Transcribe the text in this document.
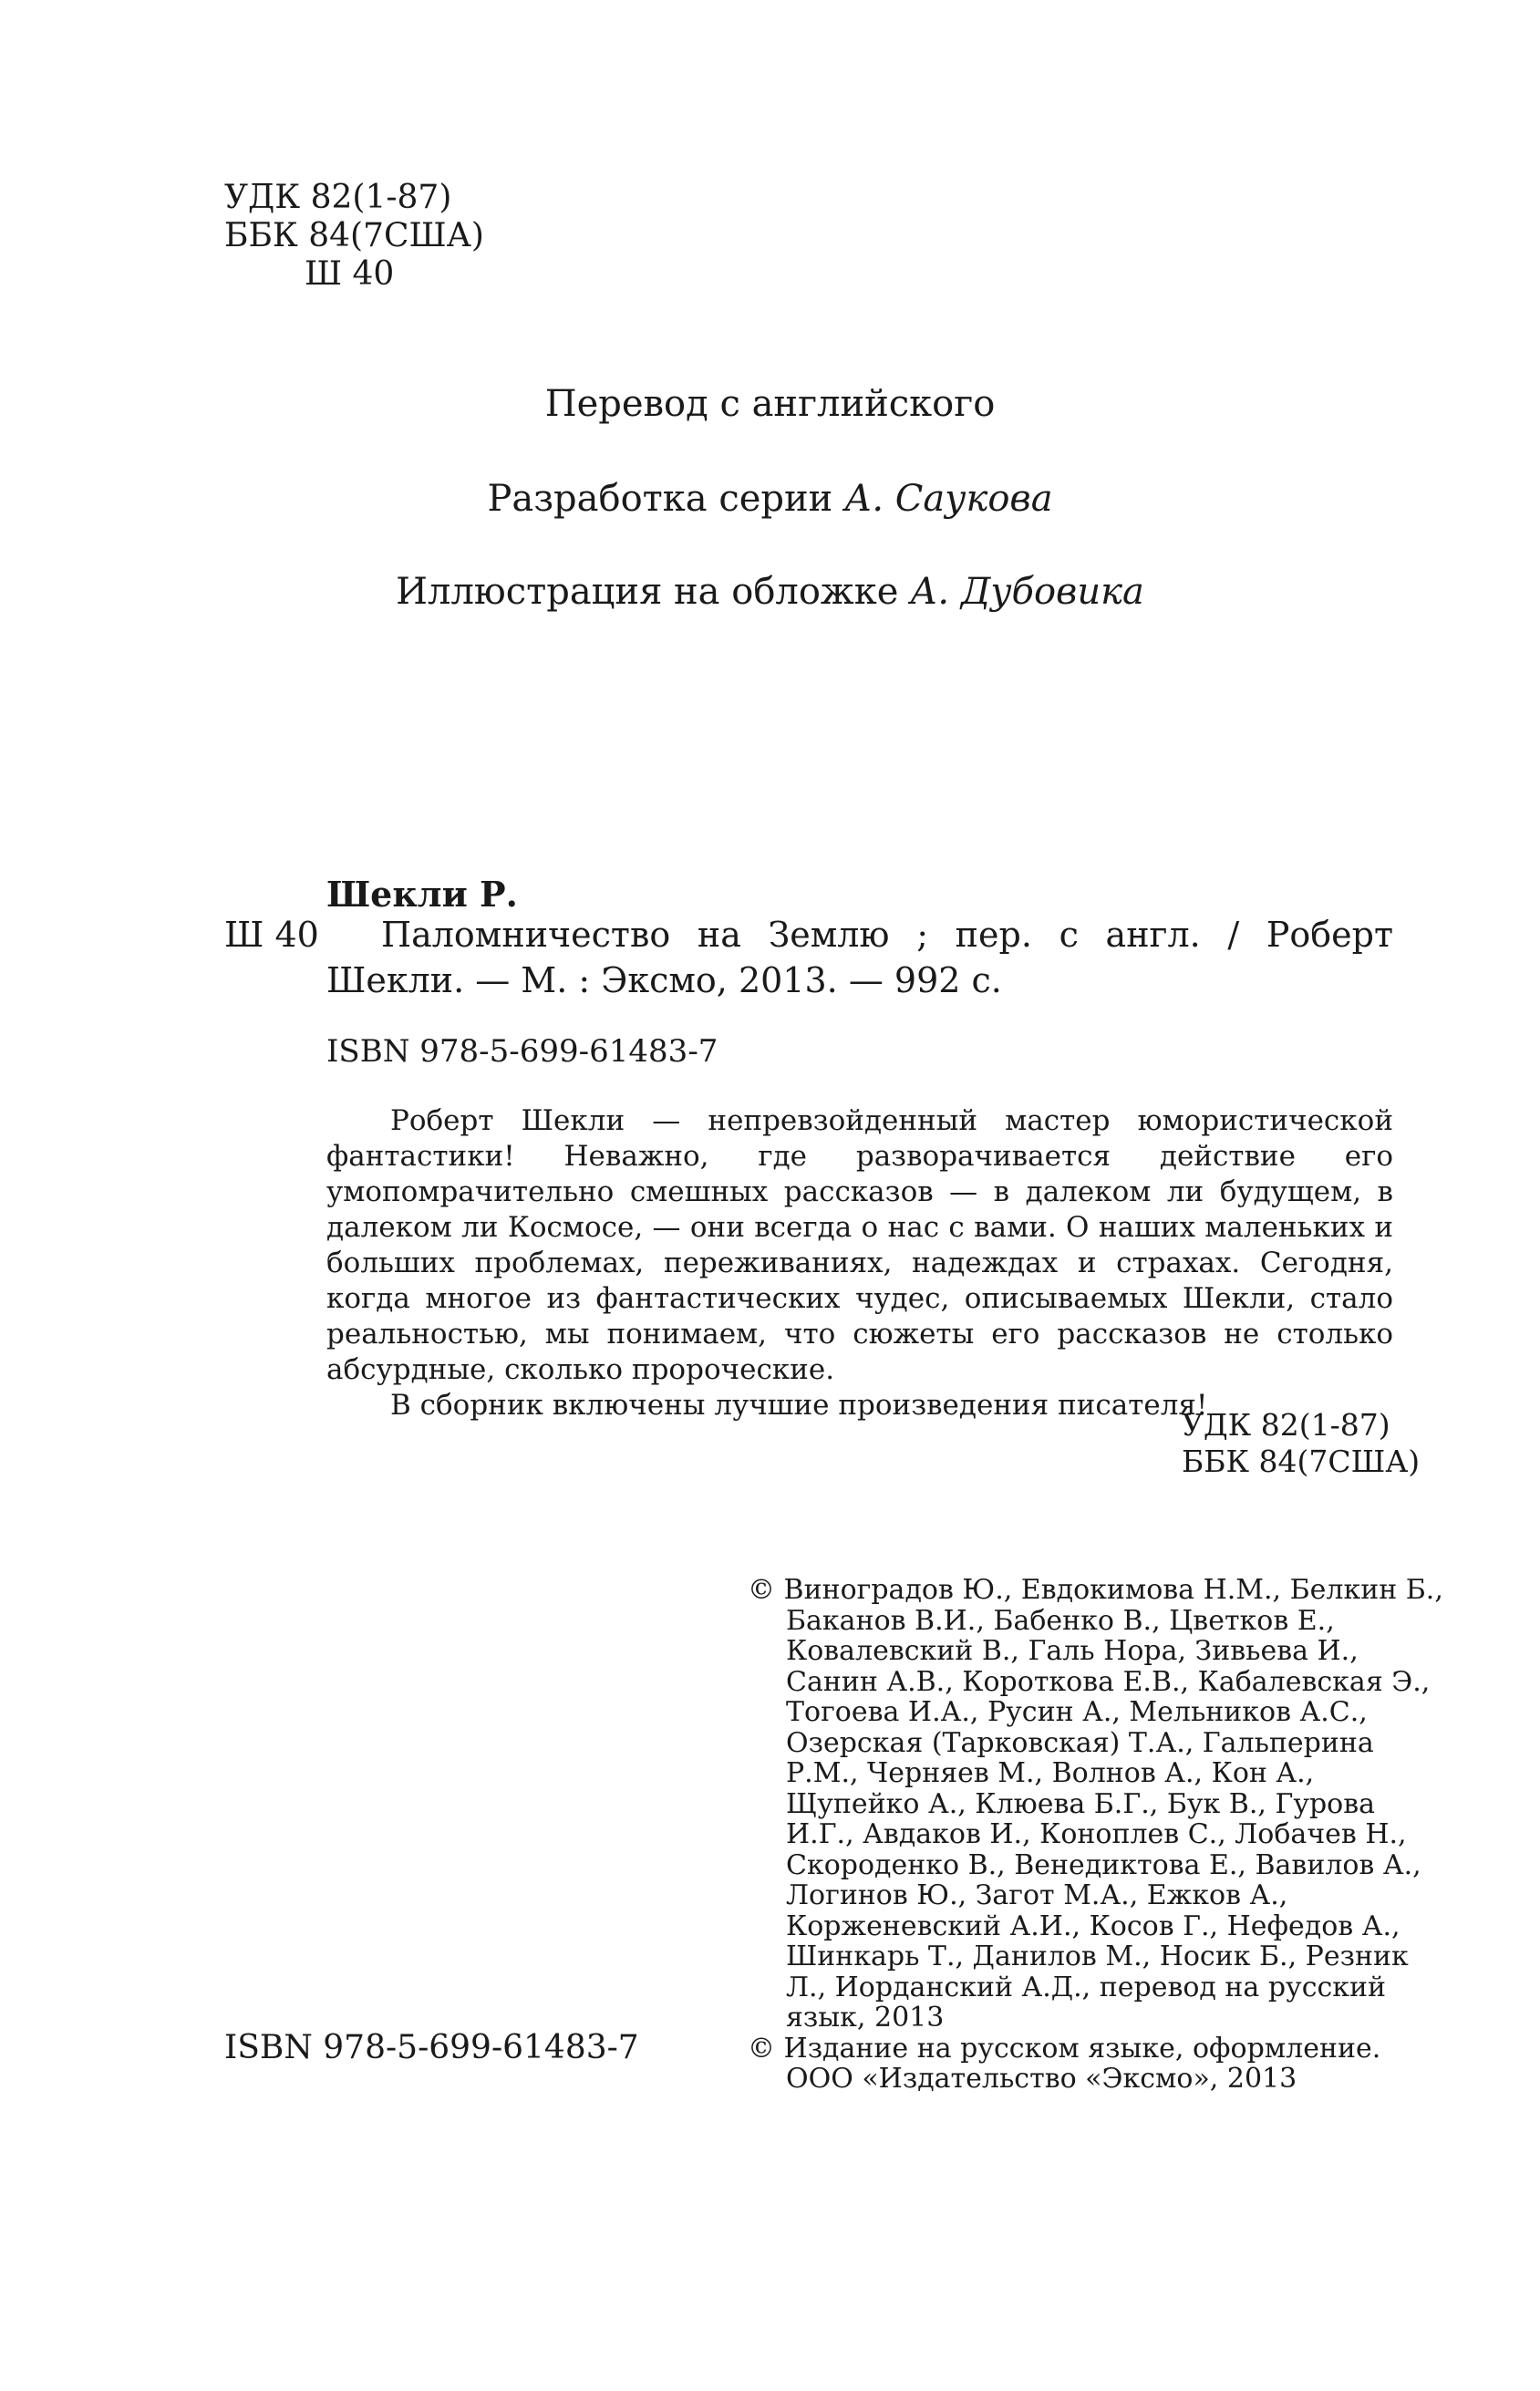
УДК 82(1-87)
ББК 84(7США)
Ш 40
Перевод с английского
Разработка серии А. Саукова
Иллюстрация на обложке А. Дубовика
Шекли Р.
Ш 40	Паломничество на Землю ; пер. с англ. / Роберт Шекли. — М. : Эксмо, 2013. — 992 с.
ISBN 978-5-699-61483-7

Роберт Шекли — непревзойденный мастер юмористической фантастики! Неважно, где разворачивается действие его умопомрачительно смешных рассказов — в далеком ли будущем, в далеком ли Космосе, — они всегда о нас с вами. О наших маленьких и больших проблемах, переживаниях, надеждах и страхах. Сегодня, когда многое из фантастических чудес, описываемых Шекли, стало реальностью, мы понимаем, что сюжеты его рассказов не столько абсурдные, сколько пророческие.

В сборник включены лучшие произведения писателя!

УДК 82(1-87)
ББК 84(7США)

© Виноградов Ю., Евдокимова Н.М., Белкин Б., Баканов В.И., Бабенко В., Цветков Е., Ковалевский В., Галь Нора, Зивьева И., Санин А.В., Короткова Е.В., Кабалевская Э., Тогоева И.А., Русин А., Мельников А.С., Озерская (Тарковская) Т.А., Гальперина Р.М., Черняев М., Волнов А., Кон А., Щупейко А., Клюева Б.Г., Бук В., Гурова И.Г., Авдаков И., Коноплев С., Лобачев Н., Скороденко В., Венедиктова Е., Вавилов А., Логинов Ю., Загот М.А., Ежков А., Корженевский А.И., Косов Г., Нефедов А., Шинкарь Т., Данилов М., Носик Б., Резник Л., Иорданский А.Д., перевод на русский язык, 2013

© Издание на русском языке, оформление. ООО «Издательство «Эксмо», 2013

ISBN 978-5-699-61483-7
